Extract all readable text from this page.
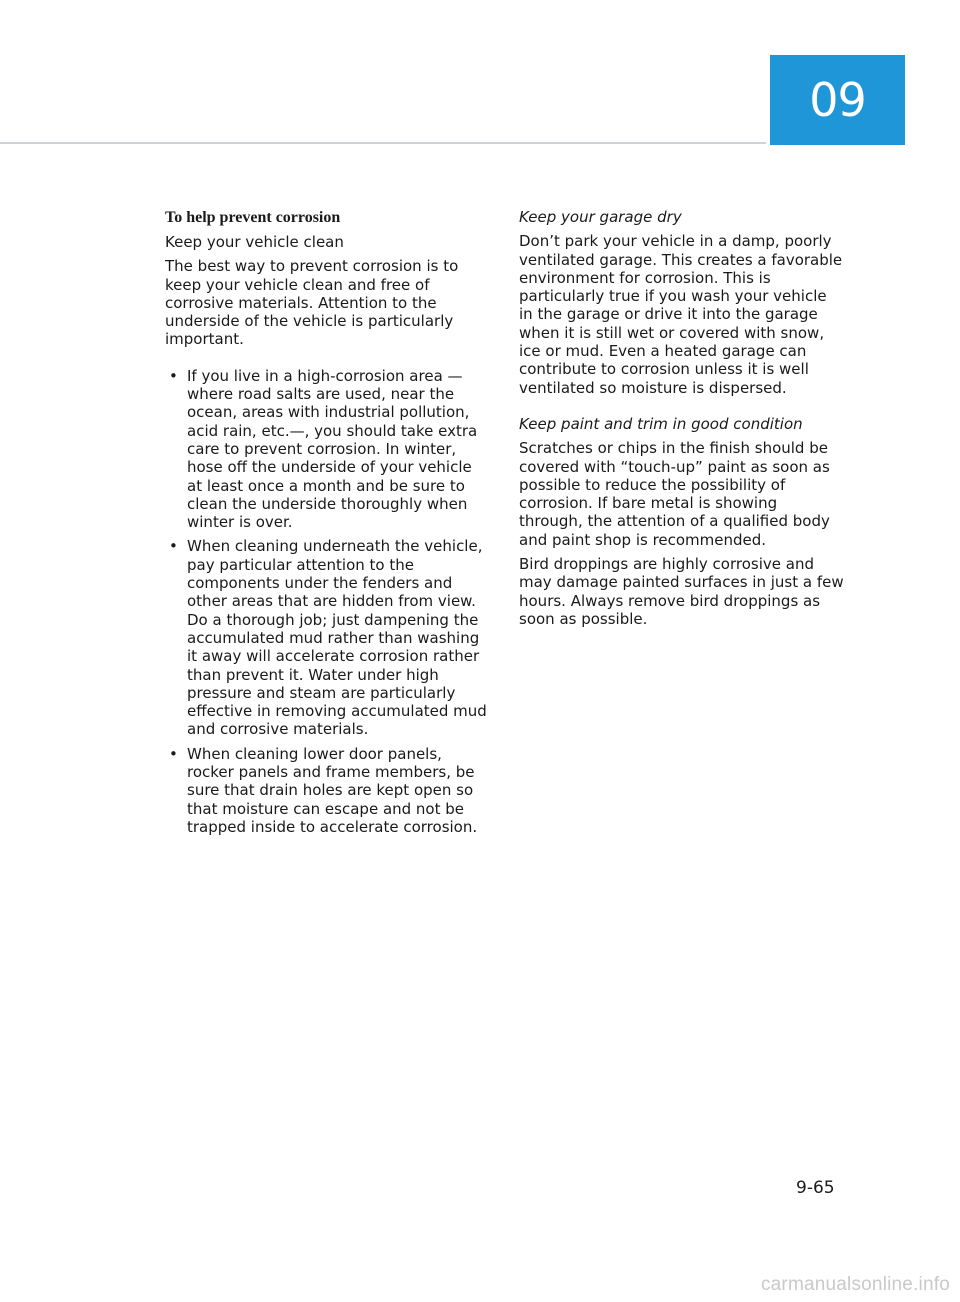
09
To help prevent corrosion
Keep your vehicle clean

The best way to prevent corrosion is to keep your vehicle clean and free of corrosive materials. Attention to the underside of the vehicle is particularly important.

• If you live in a high-corrosion area — where road salts are used, near the ocean, areas with industrial pollution, acid rain, etc.—, you should take extra care to prevent corrosion. In winter, hose off the underside of your vehicle at least once a month and be sure to clean the underside thoroughly when winter is over.
• When cleaning underneath the vehicle, pay particular attention to the components under the fenders and other areas that are hidden from view. Do a thorough job; just dampening the accumulated mud rather than washing it away will accelerate corrosion rather than prevent it. Water under high pressure and steam are particularly effective in removing accumulated mud and corrosive materials.
• When cleaning lower door panels, rocker panels and frame members, be sure that drain holes are kept open so that moisture can escape and not be trapped inside to accelerate corrosion.
Keep your garage dry

Don’t park your vehicle in a damp, poorly ventilated garage. This creates a favorable environment for corrosion. This is particularly true if you wash your vehicle in the garage or drive it into the garage when it is still wet or covered with snow, ice or mud. Even a heated garage can contribute to corrosion unless it is well ventilated so moisture is dispersed.

Keep paint and trim in good condition

Scratches or chips in the finish should be covered with “touch-up” paint as soon as possible to reduce the possibility of corrosion. If bare metal is showing through, the attention of a qualified body and paint shop is recommended.

Bird droppings are highly corrosive and may damage painted surfaces in just a few hours. Always remove bird droppings as soon as possible.

9-65
carmanualsonline.info
